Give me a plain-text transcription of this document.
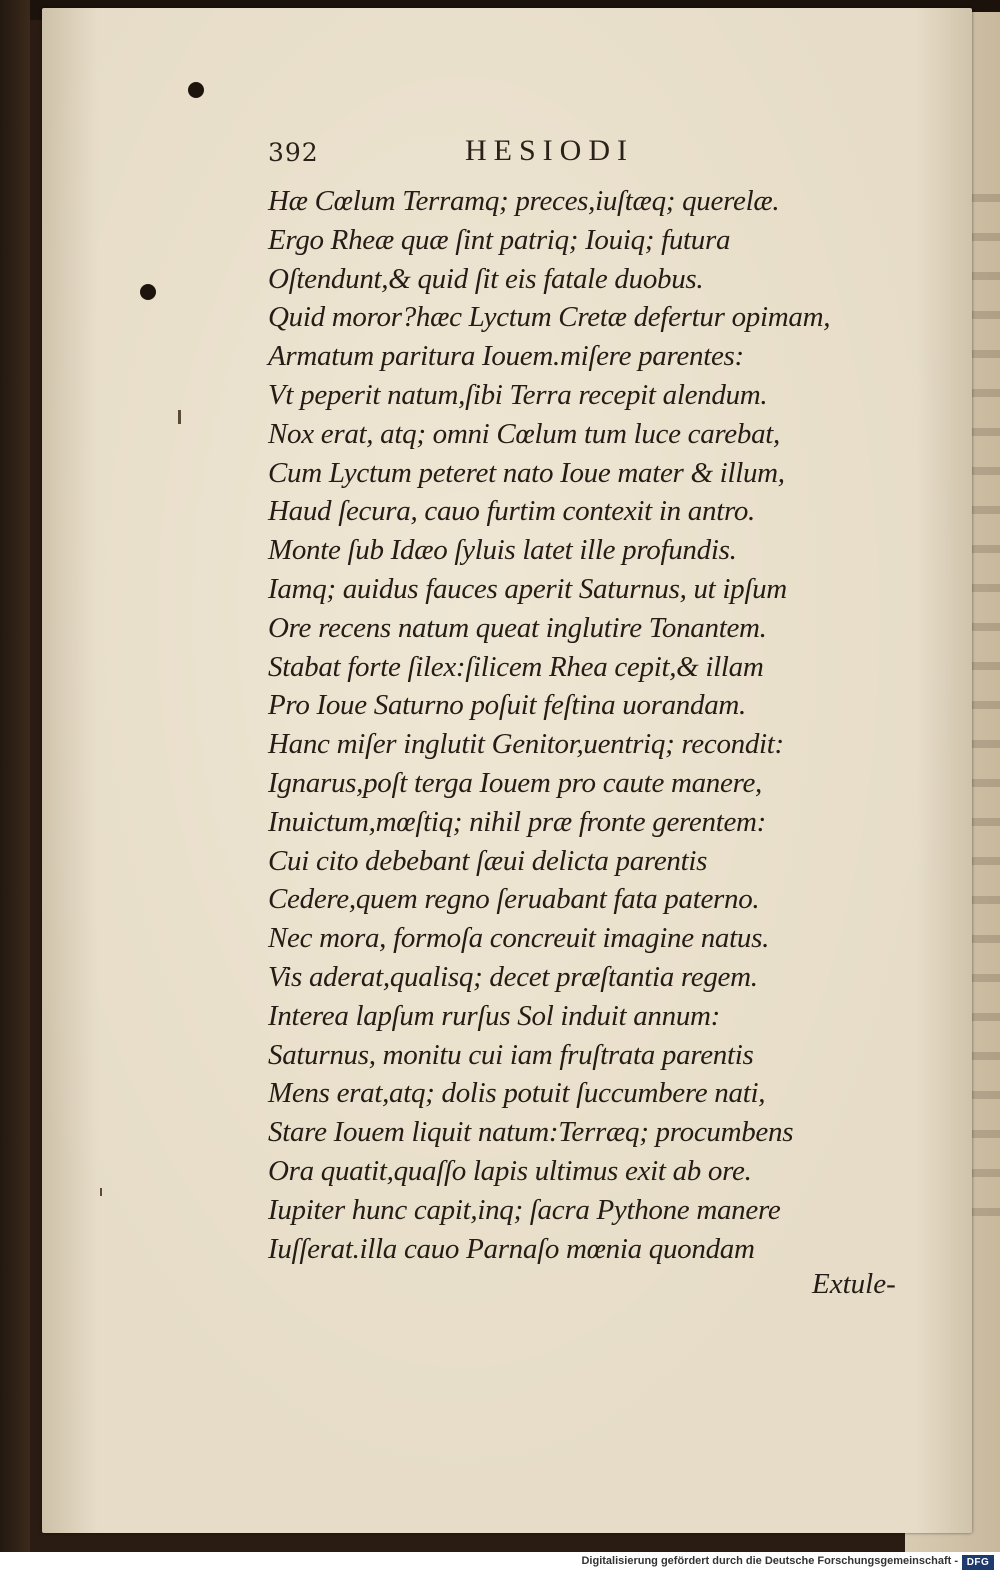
392	HESIODI
Hæ Cœlum Terramq; preces,iuſtæq; querelæ.
Ergo Rheæ quæ ſint patriq; Iouiq; futura
Oſtendunt,& quid ſit eis fatale duobus.
Quid moror?hæc Lyctum Cretæ defertur opimam,
Armatum paritura Iouem.miſere parentes:
Vt peperit natum,ſibi Terra recepit alendum.
Nox erat, atq; omni Cœlum tum luce carebat,
Cum Lyctum peteret nato Ioue mater & illum,
Haud ſecura, cauo furtim contexit in antro.
Monte ſub Idæo ſyluis latet ille profundis.
Iamq; auidus fauces aperit Saturnus, ut ipſum
Ore recens natum queat inglutire Tonantem.
Stabat forte ſilex:ſilicem Rhea cepit,& illam
Pro Ioue Saturno poſuit feſtina uorandam.
Hanc miſer inglutit Genitor,uentriq; recondit:
Ignarus,poſt terga Iouem pro caute manere,
Inuictum,mœſtiq; nihil præ fronte gerentem:
Cui cito debebant ſæui delicta parentis
Cedere,quem regno ſeruabant fata paterno.
Nec mora, formoſa concreuit imagine natus.
Vis aderat,qualisq; decet præſtantia regem.
Interea lapſum rurſus Sol induit annum:
Saturnus, monitu cui iam fruſtrata parentis
Mens erat,atq; dolis potuit ſuccumbere nati,
Stare Iouem liquit natum:Terræq; procumbens
Ora quatit,quaſſo lapis ultimus exit ab ore.
Iupiter hunc capit,inq; ſacra Pythone manere
Iuſſerat.illa cauo Parnaſo mœnia quondam
Extule-
Digitalisierung gefördert durch die Deutsche Forschungsgemeinschaft - DFG
